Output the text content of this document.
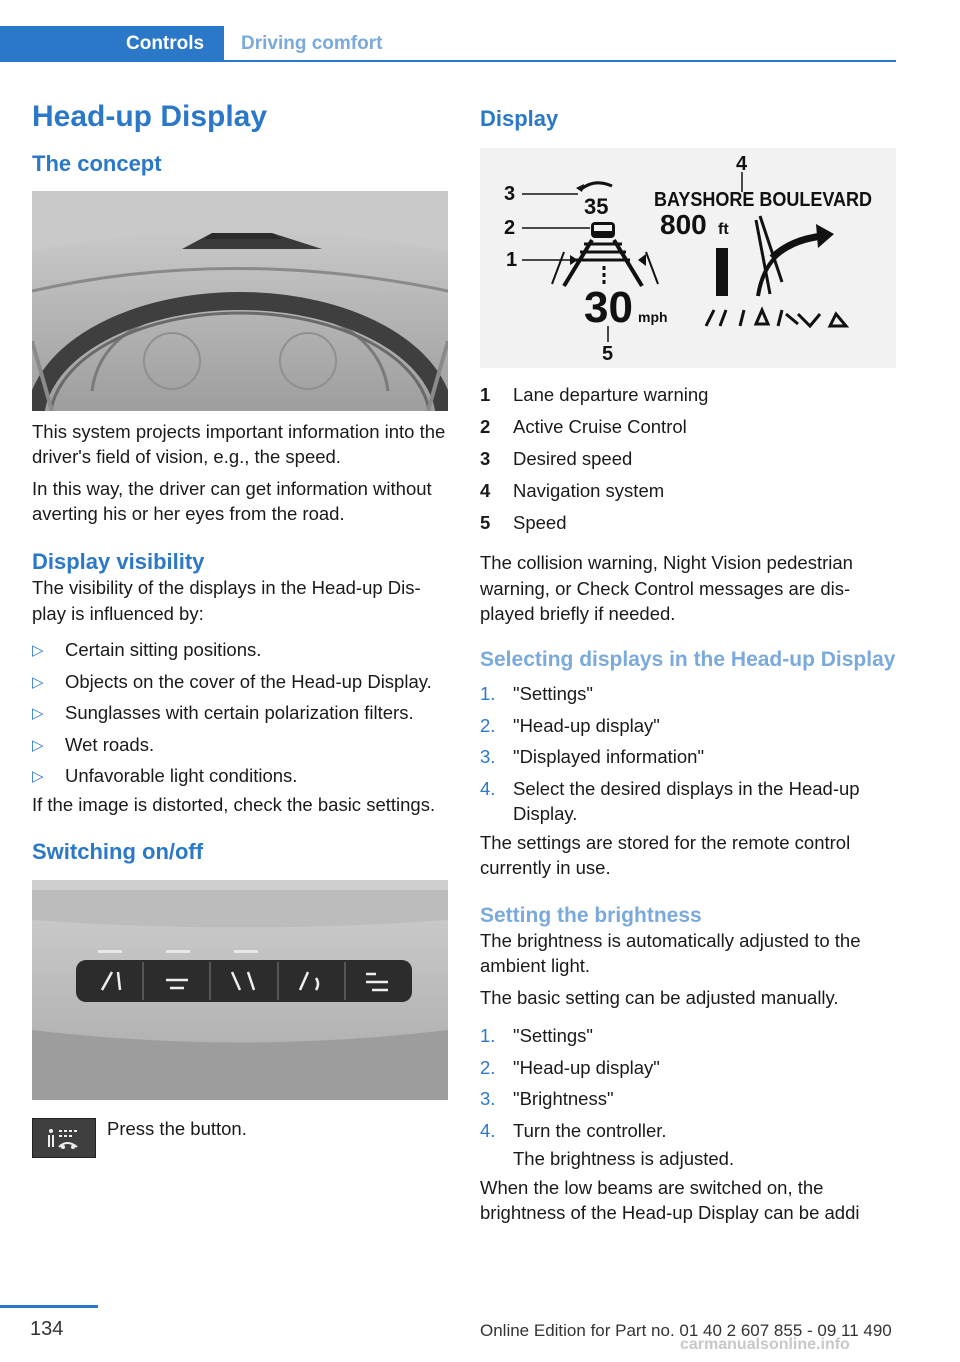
Controls	Driving comfort
Head-up Display
The concept

This system projects important information into the driver's field of vision, e.g., the speed.

In this way, the driver can get information without averting his or her eyes from the road.

Display visibility

The visibility of the displays in the Head-up Display is influenced by:

▷ Certain sitting positions.
▷ Objects on the cover of the Head-up Display.
▷ Sunglasses with certain polarization filters.
▷ Wet roads.
▷ Unfavorable light conditions.

If the image is distorted, check the basic settings.

Switching on/off
Press the button.
Display
3
2
1
4
5
35 BAYSHORE BOULEVARD
800 ft
30 mph
1 Lane departure warning
2 Active Cruise Control
3 Desired speed
4 Navigation system
5 Speed

The collision warning, Night Vision pedestrian warning, or Check Control messages are displayed briefly if needed.

Selecting displays in the Head-up Display
1. "Settings"
2. "Head-up display"
3. "Displayed information"
4. Select the desired displays in the Head-up Display.

The settings are stored for the remote control currently in use.

Setting the brightness

The brightness is automatically adjusted to the ambient light.

The basic setting can be adjusted manually.

1. "Settings"
2. "Head-up display"
3. "Brightness"
4. Turn the controller.
The brightness is adjusted.

When the low beams are switched on, the brightness of the Head-up Display can be addi

134	Online Edition for Part no. 01 40 2 607 855 - 09 11 490
carmanualsonline.info
